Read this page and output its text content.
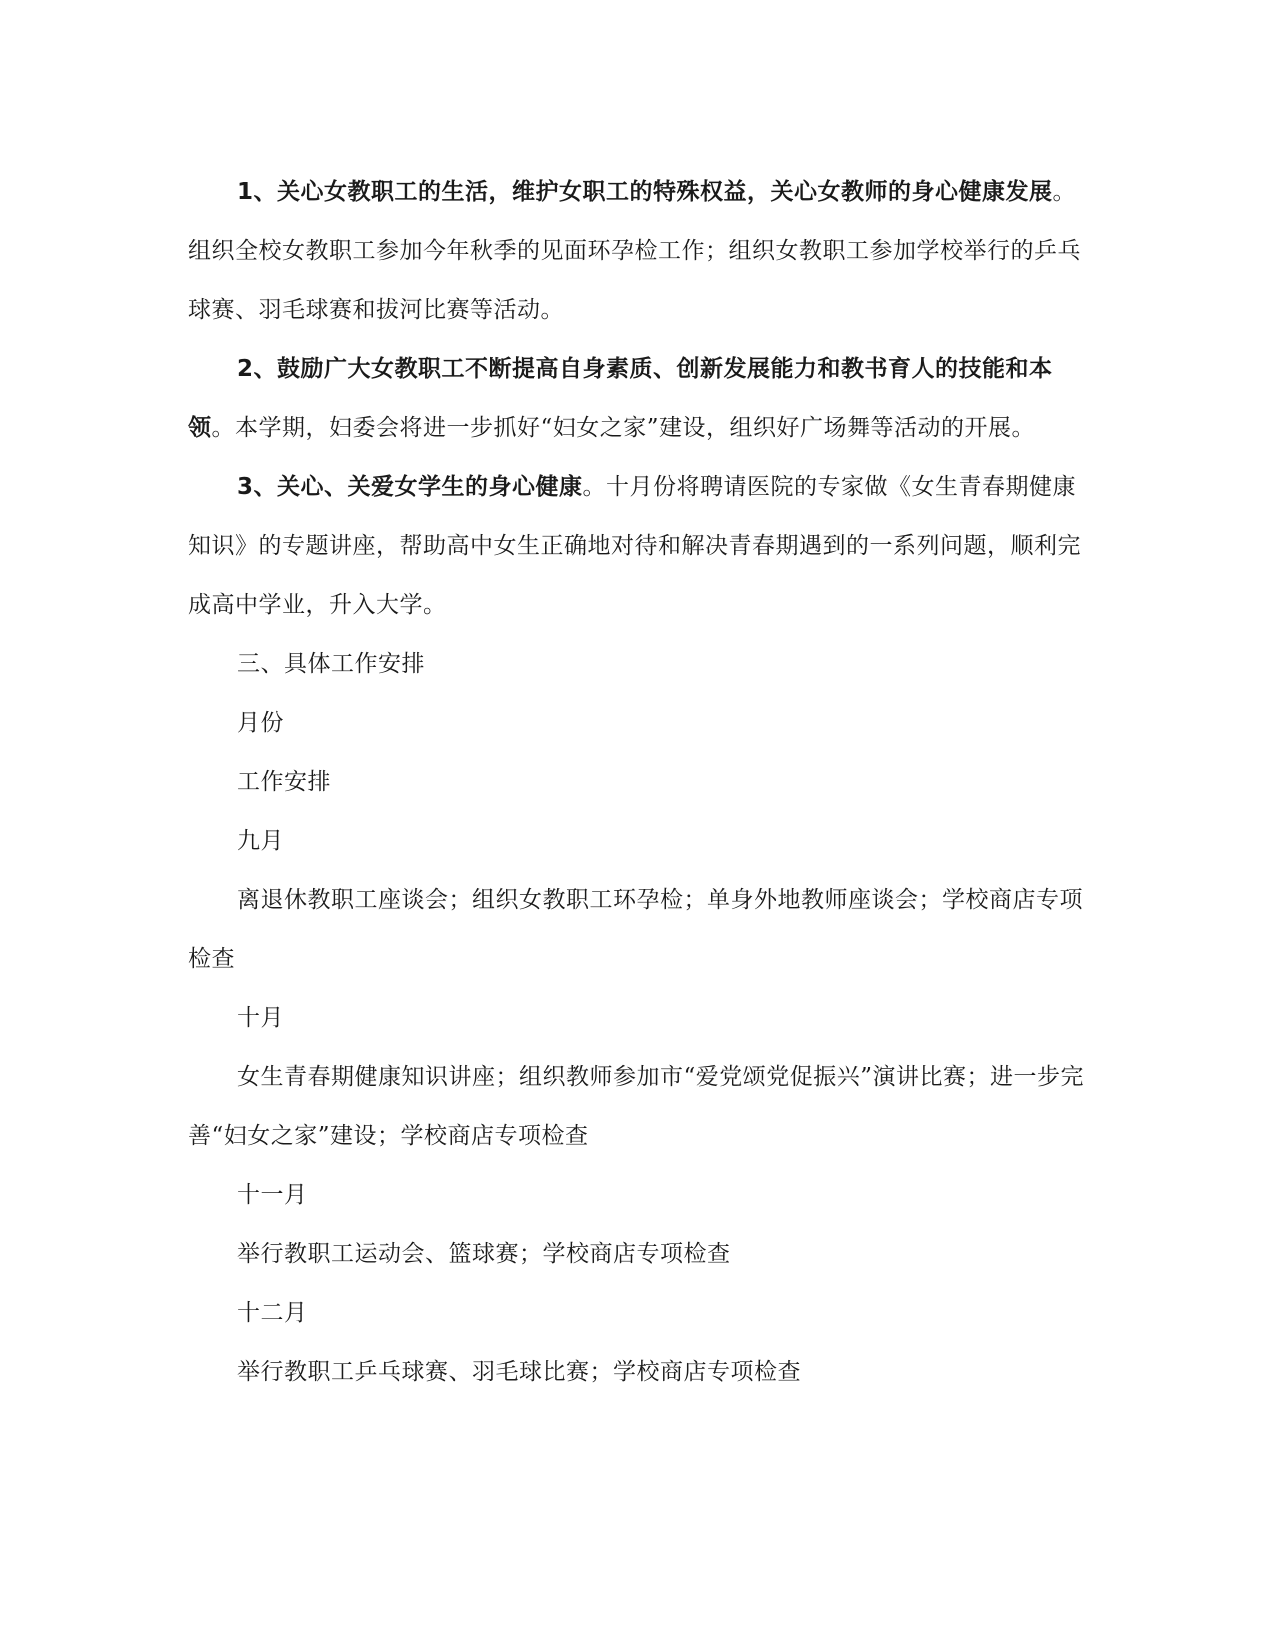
1、关心女教职工的生活，维护女职工的特殊权益，关心女教师的身心健康发展。组织全校女教职工参加今年秋季的见面环孕检工作；组织女教职工参加学校举行的乒乓球赛、羽毛球赛和拔河比赛等活动。

2、鼓励广大女教职工不断提高自身素质、创新发展能力和教书育人的技能和本领。本学期，妇委会将进一步抓好“妇女之家”建设，组织好广场舞等活动的开展。

3、关心、关爱女学生的身心健康。十月份将聘请医院的专家做《女生青春期健康知识》的专题讲座，帮助高中女生正确地对待和解决青春期遇到的一系列问题，顺利完成高中学业，升入大学。

三、具体工作安排

月份

工作安排

九月

离退休教职工座谈会；组织女教职工环孕检；单身外地教师座谈会；学校商店专项检查

十月

女生青春期健康知识讲座；组织教师参加市“爱党颂党促振兴”演讲比赛；进一步完善“妇女之家”建设；学校商店专项检查

十一月

举行教职工运动会、篮球赛；学校商店专项检查

十二月

举行教职工乒乓球赛、羽毛球比赛；学校商店专项检查
